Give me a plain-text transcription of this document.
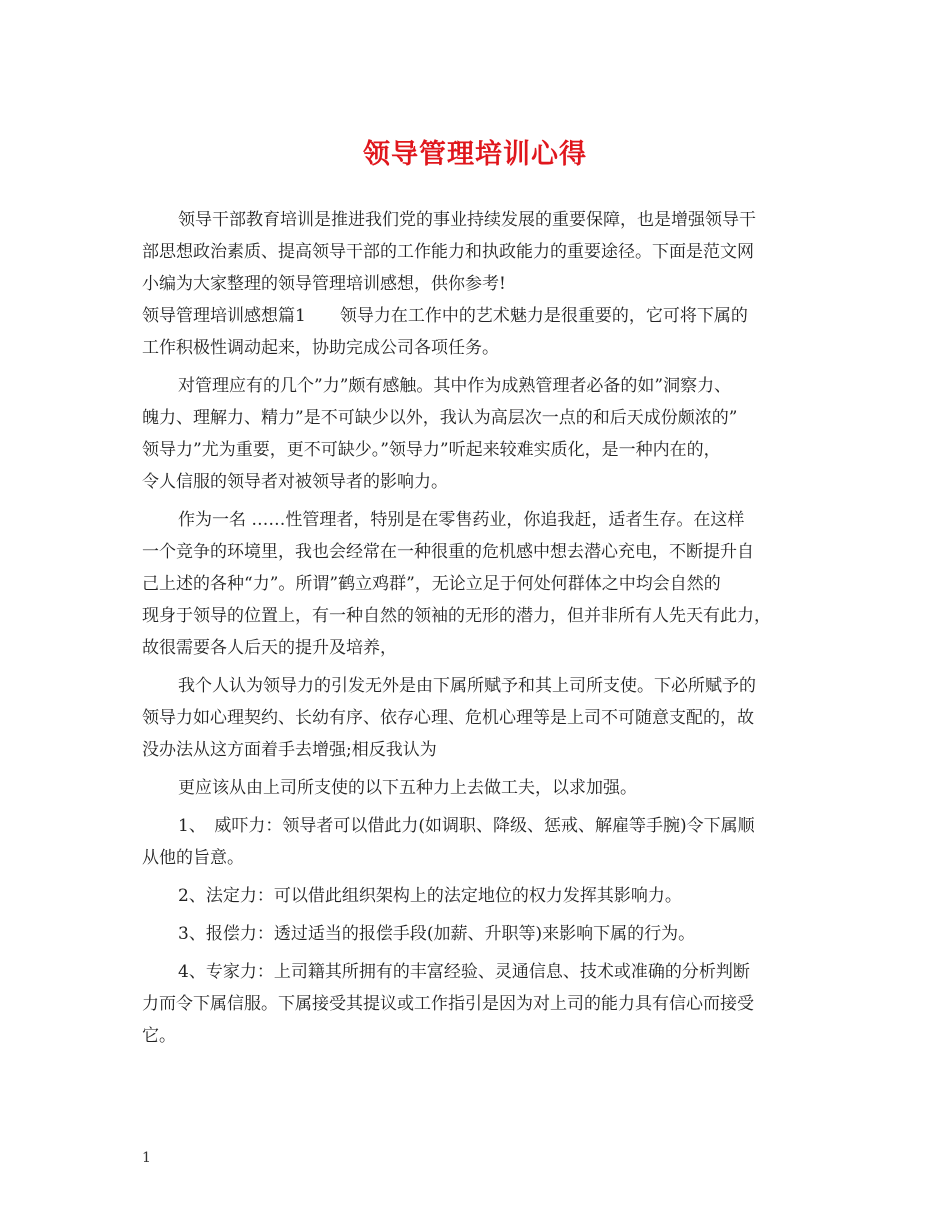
领导管理培训心得
领导干部教育培训是推进我们党的事业持续发展的重要保障，也是增强领导干
部思想政治素质、提高领导干部的工作能力和执政能力的重要途径。下面是范文网
小编为大家整理的领导管理培训感想，供你参考!
领导管理培训感想篇1　　领导力在工作中的艺术魅力是很重要的，它可将下属的
工作积极性调动起来，协助完成公司各项任务。
对管理应有的几个”力”颇有感触。其中作为成熟管理者必备的如”洞察力、
魄力、理解力、精力”是不可缺少以外，我认为高层次一点的和后天成份颇浓的”
领导力”尤为重要，更不可缺少。”领导力”听起来较难实质化，是一种内在的，
令人信服的领导者对被领导者的影响力。
作为一名 ……性管理者，特别是在零售药业，你追我赶，适者生存。在这样
一个竞争的环境里，我也会经常在一种很重的危机感中想去潜心充电，不断提升自
己上述的各种“力”。所谓”鹤立鸡群”，无论立足于何处何群体之中均会自然的
现身于领导的位置上，有一种自然的领袖的无形的潜力，但并非所有人先天有此力，
故很需要各人后天的提升及培养，
我个人认为领导力的引发无外是由下属所赋予和其上司所支使。下必所赋予的
领导力如心理契约、长幼有序、依存心理、危机心理等是上司不可随意支配的，故
没办法从这方面着手去增强;相反我认为
更应该从由上司所支使的以下五种力上去做工夫，以求加强。
1、　威吓力：领导者可以借此力(如调职、降级、惩戒、解雇等手腕)令下属顺
从他的旨意。
2、法定力：可以借此组织架构上的法定地位的权力发挥其影响力。
3、报偿力：透过适当的报偿手段(加薪、升职等)来影响下属的行为。
4、专家力：上司籍其所拥有的丰富经验、灵通信息、技术或准确的分析判断
力而令下属信服。下属接受其提议或工作指引是因为对上司的能力具有信心而接受
它。
1
